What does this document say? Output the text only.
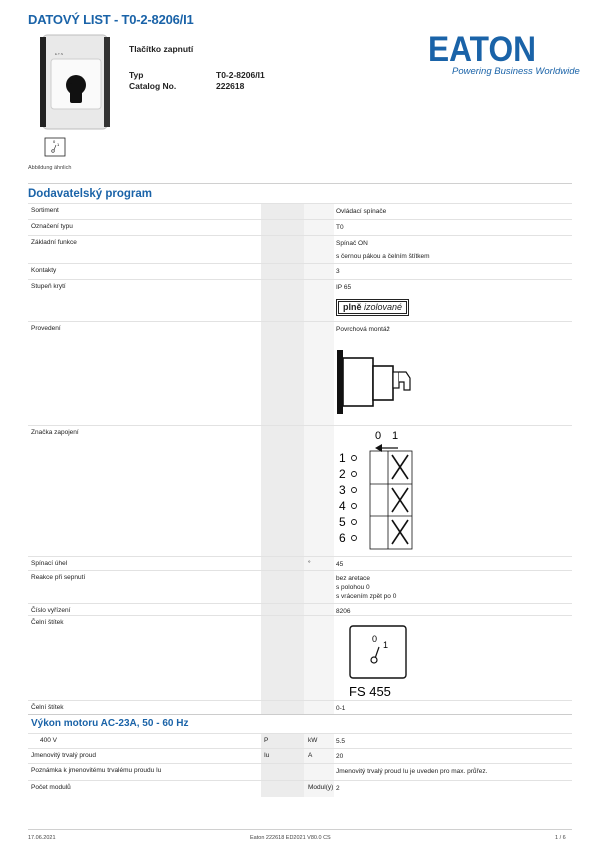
DATOVÝ LIST - T0-2-8206/I1
E·T·N
0
1
Abbildung ähnlich
Tlačítko zapnutí
Typ	T0-2-8206/I1
Catalog No.	222618
EATON
Powering Business Worldwide
Dodavatelský program
Sortiment	Ovládací spínače
Označení typu	T0
Základní funkce	Spínač ON
s černou pákou a čelním štítkem
Kontakty	3
Stupeň krytí	IP 65
plně izolované
Provedení	Povrchová montáž
Značka zapojení	0 1
1
2
3
4
5
6
Spínací úhel	°	45
Reakce při sepnutí	bez aretace
s polohou 0
s vrácením zpět po 0
Číslo vyřízení	8206
Čelní štítek
0
1
FS 455
Čelní štítek	0-1
Výkon motoru AC-23A, 50 - 60 Hz
400 V	P	kW	5.5
Jmenovitý trvalý proud	Iu	A	20
Poznámka k jmenovitému trvalému proudu Iu	Jmenovitý trvalý proud Iu je uveden pro max. průřez.
Počet modulů	Modul(y) 2
17.06.2021	Eaton 222618 ED2021 V80.0 CS	1 / 6
